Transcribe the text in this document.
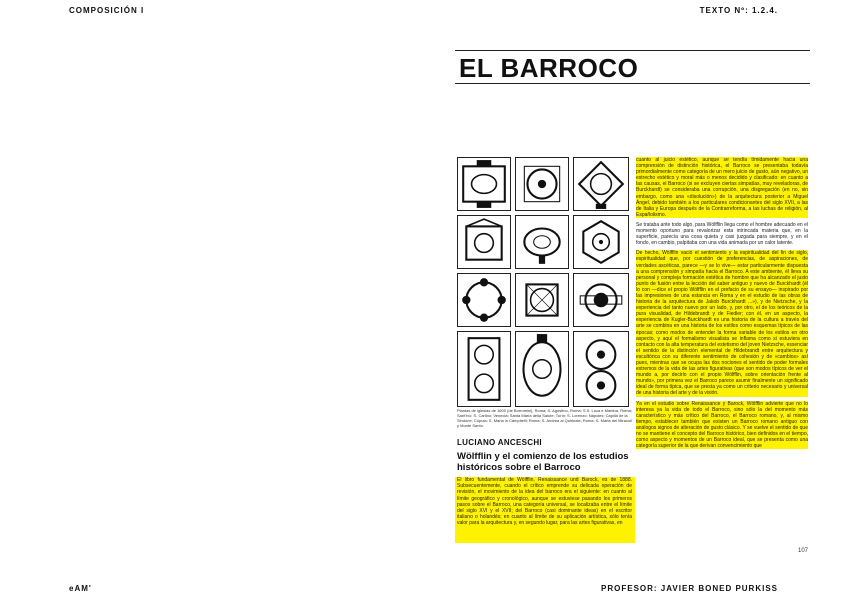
COMPOSICIÓN I	TEXTO Nº: 1.2.4.
EL BARROCO
Plantas de iglesias de 1600 (de Borromini), Roma; S. Agostino, Roma; S.S. Luca e Martina, Roma; Sant'Ivo; S. Carlino; Venecia; Santa María della Salute; Turín; S. Lorenzo; Nápoles; Capilla de la Sindone, Cúpula; S. Maria in Campitelli; Roma; S. Andrea al Quirinale; Roma; S. Maria dei Miracoli y Monte Santo.
LUCIANO ANCESCHI
Wölfflin y el comienzo de los estudios históricos sobre el Barroco
El libro fundamental de Wölfflin, Renaissance und Barock, es de 1888. Subsecuentemente, cuando el crítico emprende su delicada operación de revisión, el movimiento de la idea del barroco era el siguiente: en cuanto al límite geográfico y cronológico, aunque se estuviese pasando los primeros pasos sobre el Barroco, una categoría universal, se localizaba entre el límite del siglo XVI y el XVII; del Barroco (casi dominante ideas) en el escritor italiano o holandés; en cuanto al límite de su aplicación artística, sólo tenía valor para la arquitectura y, en segundo lugar, para las artes figurativas, en

cuanto al juicio estético, aunque se tendía tímidamente hacia una comprensión de distinción histórica, el Barroco se presentaba todavía primordialmente como categoría de un mero juicio de gusto, aún negativo, un estrecho estético y moral más o menos decidido y clasificado: en cuanto a las causas, el Barroco (si se excluyen ciertas simpatías, muy reveladoras, de Burckhardt) se consideraba una corrupción, una disgregación (en no, sin embargo, como una «disolución») de la arquitectura posterior a Miguel Ángel, debido también a los particulares condicionantes del siglo XVII, a las de Italia y Europa después de la Contrarreforma, a las luchas de religión, al Españolismo.

Se trataba ante todo algo, para Wölfflin llega como el hombre adecuado en el momento oportuno para revalorizar esta intrincada materia que, en la superficie, parecía una cosa quieta y casi juzgada para siempre, y en el fondo, en cambio, palpitaba con una vida animada por un calor latente.

De hecho, Wölfflin vació el sentimiento y la espiritualidad del fin de siglo, espiritualidad que, por cuestión de preferencias, de aspiraciones, de verdades ascéticas, parece —y se lo vive— estar particularmente dispuesta a una comprensión y simpatía hacia el Barroco. A este ambiente, él lleva su personal y compleja formación estética de hombre que ha alcanzado el justo punto de fusión entre la lección del saber antiguo y nuevo de Burckhardt (él lo con —dice el propio Wölfflin en el prefacio de su ensayo— inspirado por las impresiones de una estancia en Roma y en el estudio de las obras de historia de la arquitectura de Jakob Burckhardt ...»), y de Nietzsche, y la experiencia del tanto nuevo por un lado, y, por otro, el de los teóricos de la pura visualidad, de Hildebrandt y de Fiedler; con él, en un aspecto, la experiencia de Kugler-Burckhardt es una historia de la cultura a través del arte se combina en una historia de los estilos como esquemas típicos de las épocas; como modos de entender la forma variable de los estilos en otro aspecto, y aquí el formalismo visualista se inflama como si estuviera en contacto con la alta temperatura del estetismo del joven Nietzsche, essenciar el sentido de la distinción elemental de Hildebrandt entre arquitectura y escultórica con su diferente sentimiento de cohesión y de «cambios» así pues, mientras que se ocupa las dos nociones el sentido de poder formales extremos de la vida de las artes figurativas (que son modos típicos de ver el mundo a, por decirlo con el propio Wölfflin, sobre orientación frente al mundo», por primera vez el Barroco parece asumir finalmente un significado ideal de forma típica, que se presta ya como un criterio necesario y universal de una historia del arte y de la visión.

Ya en el estudio sobre Renaissance y Barock, Wölfflin advierte que no lo interesa ya la vida de todo el Barroco, sino sólo la del momento más característico y más crítico del Barroco, el Barroco romano, y, al mismo tiempo, establecer también que existen un Barroco romano antiguo con análogos signos de alteración de gusto clásico. Y se vuelve el sentido de que no se mantiene el concepto del Barroco histórico, bien definidos en el tiempo, como aspecto y momentos de un Barroco ideal, que se presenta como una categoría superior de la que derivan convencimiento que

107
eAM'	PROFESOR: JAVIER BONED PURKISS
